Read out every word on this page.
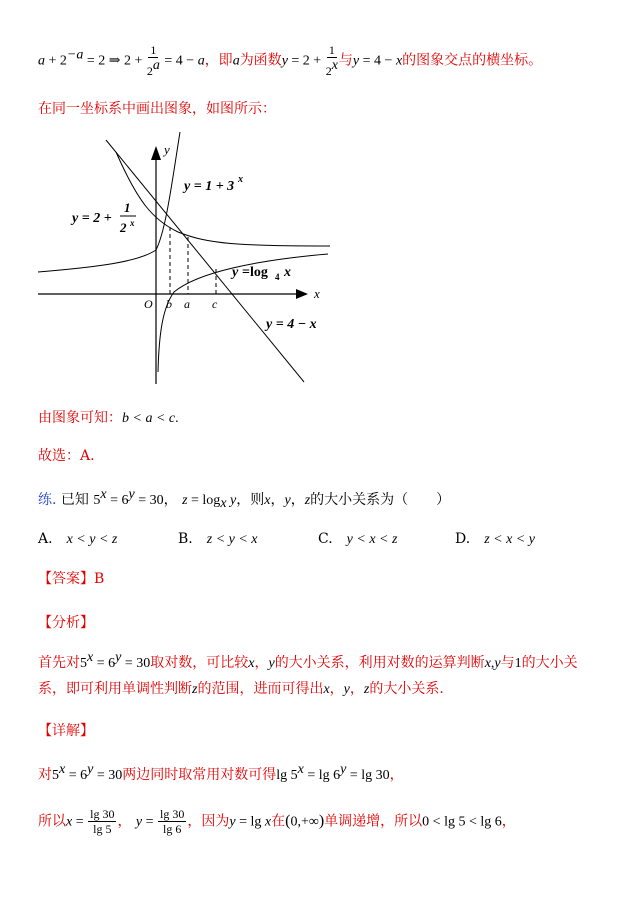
$a + 2^{-a} = 2$ ⇒ $2 + \frac{1}{2^a} = 4 - a$，即a为函数$y = 2 + \frac{1}{2^x}$ 与y = 4 − x的图象交点的横坐标。
在同一坐标系中画出图象，如图所示：
y
x
O b a c
y = 1 + 3 x
y = 2 +
1
2 x
y =log 4 x
y = 4 − x
由图象可知：b < a < c.
故选：A.
练. 已知 $5^x = 6^y = 30$， $z = \log_x y$，则x，y，z的大小关系为（　　）
A.　 x < y < z	B.　 z < y < x	C.　 y < x < z	D.　 z < x < y
【答案】B
【分析】
首先对$5^x = 6^y = 30$取对数，可比较x，y的大小关系，利用对数的运算判断x,y与1的大小关
系，即可利用单调性判断z的范围，进而可得出x，y，z的大小关系.
【详解】
对$5^x = 6^y = 30$两边同时取常用对数可得$\lg 5^x = \lg 6^y = \lg 30$，
所以$x = \frac{\lg 30}{\lg 5}$ ， $y = \frac{\lg 30}{\lg 6}$ ，因为y = lg x在(0,+∞)单调递增，所以0 < lg 5 < lg 6，
